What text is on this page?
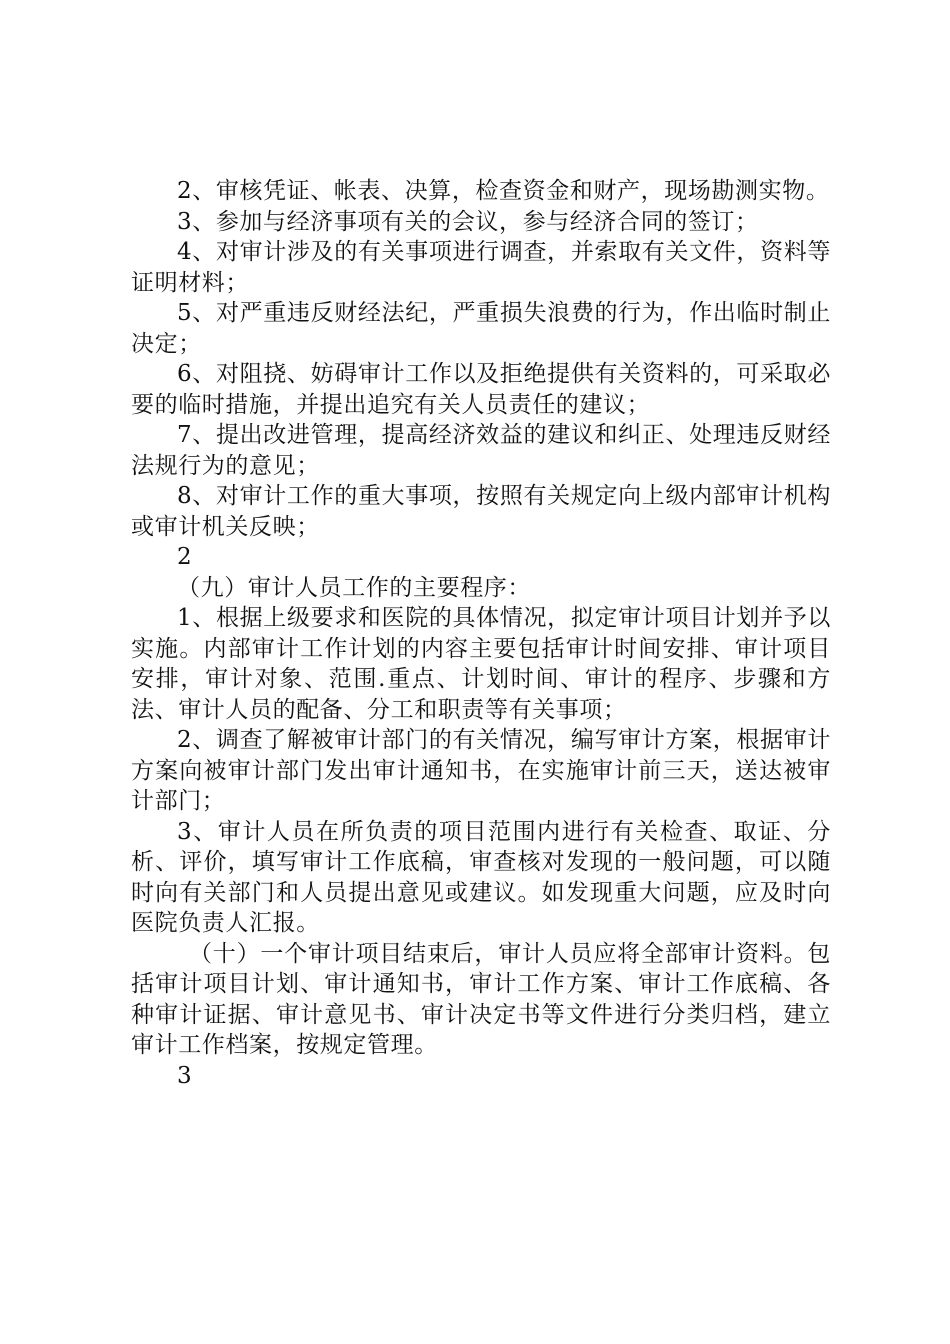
2、审核凭证、帐表、决算，检查资金和财产，现场勘测实物。

3、参加与经济事项有关的会议，参与经济合同的签订；

4、对审计涉及的有关事项进行调查，并索取有关文件，资料等证明材料；

5、对严重违反财经法纪，严重损失浪费的行为，作出临时制止决定；

6、对阻挠、妨碍审计工作以及拒绝提供有关资料的，可采取必要的临时措施，并提出追究有关人员责任的建议；

7、提出改进管理，提高经济效益的建议和纠正、处理违反财经法规行为的意见；

8、对审计工作的重大事项，按照有关规定向上级内部审计机构或审计机关反映；

2

（九）审计人员工作的主要程序：

1、根据上级要求和医院的具体情况，拟定审计项目计划并予以实施。内部审计工作计划的内容主要包括审计时间安排、审计项目安排，审计对象、范围.重点、计划时间、审计的程序、步骤和方法、审计人员的配备、分工和职责等有关事项；

2、调查了解被审计部门的有关情况，编写审计方案，根据审计方案向被审计部门发出审计通知书，在实施审计前三天，送达被审计部门；

3、审计人员在所负责的项目范围内进行有关检查、取证、分析、评价，填写审计工作底稿，审查核对发现的一般问题，可以随时向有关部门和人员提出意见或建议。如发现重大问题，应及时向医院负责人汇报。

（十）一个审计项目结束后，审计人员应将全部审计资料。包括审计项目计划、审计通知书，审计工作方案、审计工作底稿、各种审计证据、审计意见书、审计决定书等文件进行分类归档，建立审计工作档案，按规定管理。

3
